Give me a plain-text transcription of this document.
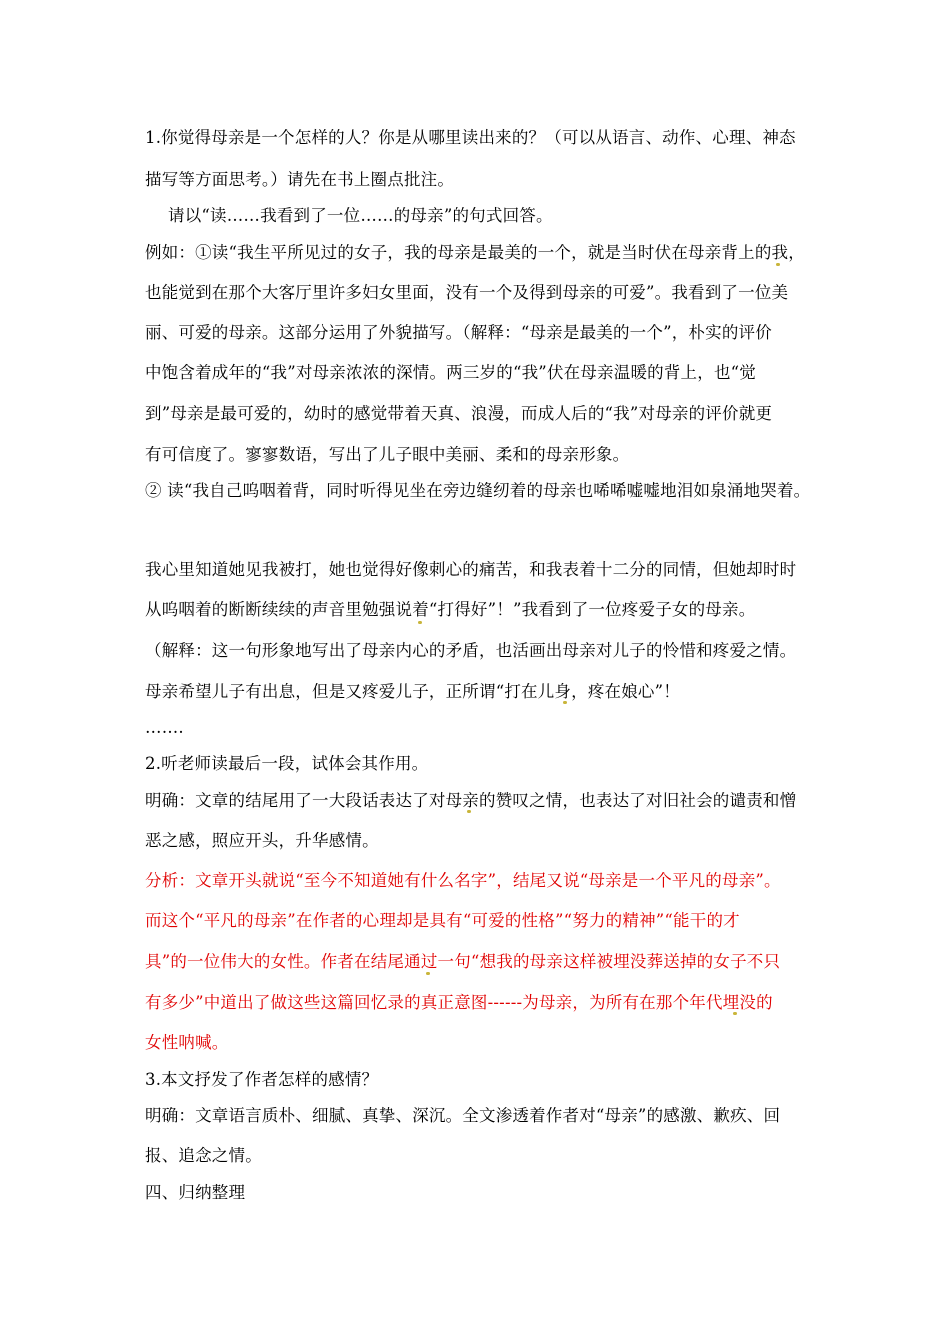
1.你觉得母亲是一个怎样的人？你是从哪里读出来的？（可以从语言、动作、心理、神态
描写等方面思考。）请先在书上圈点批注。
请以“读……我看到了一位……的母亲”的句式回答。
例如：①读“我生平所见过的女子，我的母亲是最美的一个，就是当时伏在母亲背上的我，
也能觉到在那个大客厅里许多妇女里面，没有一个及得到母亲的可爱”。我看到了一位美
丽、可爱的母亲。这部分运用了外貌描写。（解释：“母亲是最美的一个”，朴实的评价
中饱含着成年的“我”对母亲浓浓的深情。两三岁的“我”伏在母亲温暖的背上，也“觉
到”母亲是最可爱的，幼时的感觉带着天真、浪漫，而成人后的“我”对母亲的评价就更
有可信度了。寥寥数语，写出了儿子眼中美丽、柔和的母亲形象。
② 读“我自己呜咽着背，同时听得见坐在旁边缝纫着的母亲也唏唏嘘嘘地泪如泉涌地哭着。
我心里知道她见我被打，她也觉得好像刺心的痛苦，和我表着十二分的同情，但她却时时
从呜咽着的断断续续的声音里勉强说着“打得好”！”我看到了一位疼爱子女的母亲。
（解释：这一句形象地写出了母亲内心的矛盾，也活画出母亲对儿子的怜惜和疼爱之情。
母亲希望儿子有出息，但是又疼爱儿子，正所谓“打在儿身，疼在娘心”！
…….
2.听老师读最后一段，试体会其作用。
明确：文章的结尾用了一大段话表达了对母亲的赞叹之情，也表达了对旧社会的谴责和憎
恶之感，照应开头，升华感情。
分析：文章开头就说“至今不知道她有什么名字”，结尾又说“母亲是一个平凡的母亲”。
而这个“平凡的母亲”在作者的心理却是具有“可爱的性格”“努力的精神”“能干的才
具”的一位伟大的女性。作者在结尾通过一句“想我的母亲这样被埋没葬送掉的女子不只
有多少”中道出了做这些这篇回忆录的真正意图------为母亲，为所有在那个年代埋没的
女性呐喊。
3.本文抒发了作者怎样的感情？
明确：文章语言质朴、细腻、真挚、深沉。全文渗透着作者对“母亲”的感激、歉疚、回
报、追念之情。
四、归纳整理
